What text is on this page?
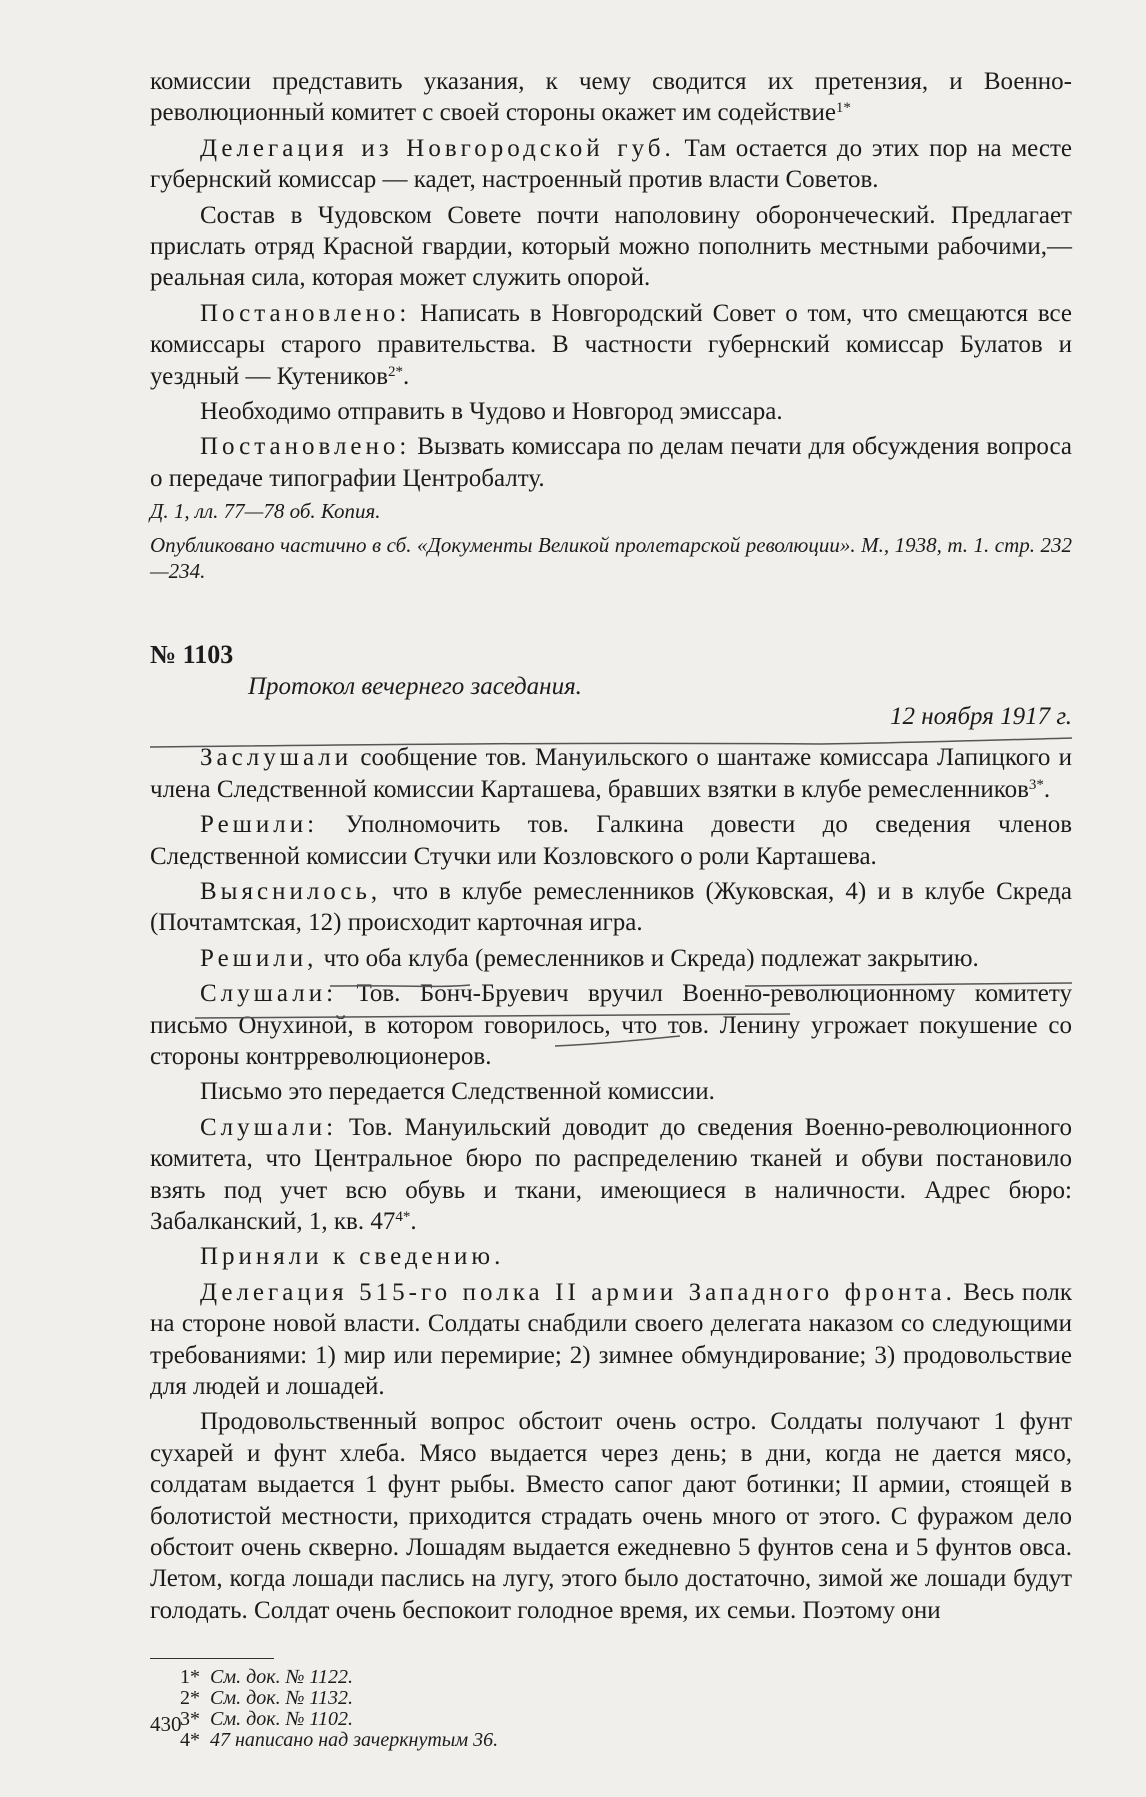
комиссии представить указания, к чему сводится их претензия, и Военно-революционный комитет с своей стороны окажет им содействие$^{1*}$

Делегация из Новгородской губ. Там остается до этих пор на месте губернский комиссар — кадет, настроенный против власти Советов.

Состав в Чудовском Совете почти наполовину оборончеческий. Предлагает прислать отряд Красной гвардии, который можно пополнить местными рабочими,— реальная сила, которая может служить опорой.

Постановлено: Написать в Новгородский Совет о том, что смещаются все комиссары старого правительства. В частности губернский комиссар Булатов и уездный — Кутеников$^{2*}$.

Необходимо отправить в Чудово и Новгород эмиссара.

Постановлено: Вызвать комиссара по делам печати для обсуждения вопроса о передаче типографии Центробалту.

Д. 1, лл. 77—78 об. Копия.

Опубликовано частично в сб. «Документы Великой пролетарской революции». М., 1938, т. 1. стр. 232—234.

№ 1103
Протокол вечернего заседания.
12 ноября 1917 г.

Заслушали сообщение тов. Мануильского о шантаже комиссара Лапицкого и члена Следственной комиссии Карташева, бравших взятки в клубе ремесленников$^{3*}$.

Решили: Уполномочить тов. Галкина довести до сведения членов Следственной комиссии Стучки или Козловского о роли Карташева.

Выяснилось, что в клубе ремесленников (Жуковская, 4) и в клубе Скреда (Почтамтская, 12) происходит карточная игра.

Решили, что оба клуба (ремесленников и Скреда) подлежат закрытию.

Слушали: Тов. Бонч-Бруевич вручил Военно-революционному комитету письмо Онухиной, в котором говорилось, что тов. Ленину угрожает покушение со стороны контрреволюционеров.

Письмо это передается Следственной комиссии.

Слушали: Тов. Мануильский доводит до сведения Военно-революционного комитета, что Центральное бюро по распределению тканей и обуви постановило взять под учет всю обувь и ткани, имеющиеся в наличности. Адрес бюро: Забалканский, 1, кв. $47^{4*}$.

Приняли к сведению.

Делегация 515-го полка II армии Западного фронта. Весь полк на стороне новой власти. Солдаты снабдили своего делегата наказом со следующими требованиями: 1) мир или перемирие; 2) зимнее обмундирование; 3) продовольствие для людей и лошадей.

Продовольственный вопрос обстоит очень остро. Солдаты получают 1 фунт сухарей и фунт хлеба. Мясо выдается через день; в дни, когда не дается мясо, солдатам выдается 1 фунт рыбы. Вместо сапог дают ботинки; II армии, стоящей в болотистой местности, приходится страдать очень много от этого. С фуражом дело обстоит очень скверно. Лошадям выдается ежедневно 5 фунтов сена и 5 фунтов овса. Летом, когда лошади паслись на лугу, этого было достаточно, зимой же лошади будут голодать. Солдат очень беспокоит голодное время, их семьи. Поэтому они

1* См. док. № 1122.
2* См. док. № 1132.
3* См. док. № 1102.
4* 47 написано над зачеркнутым 36.
430
